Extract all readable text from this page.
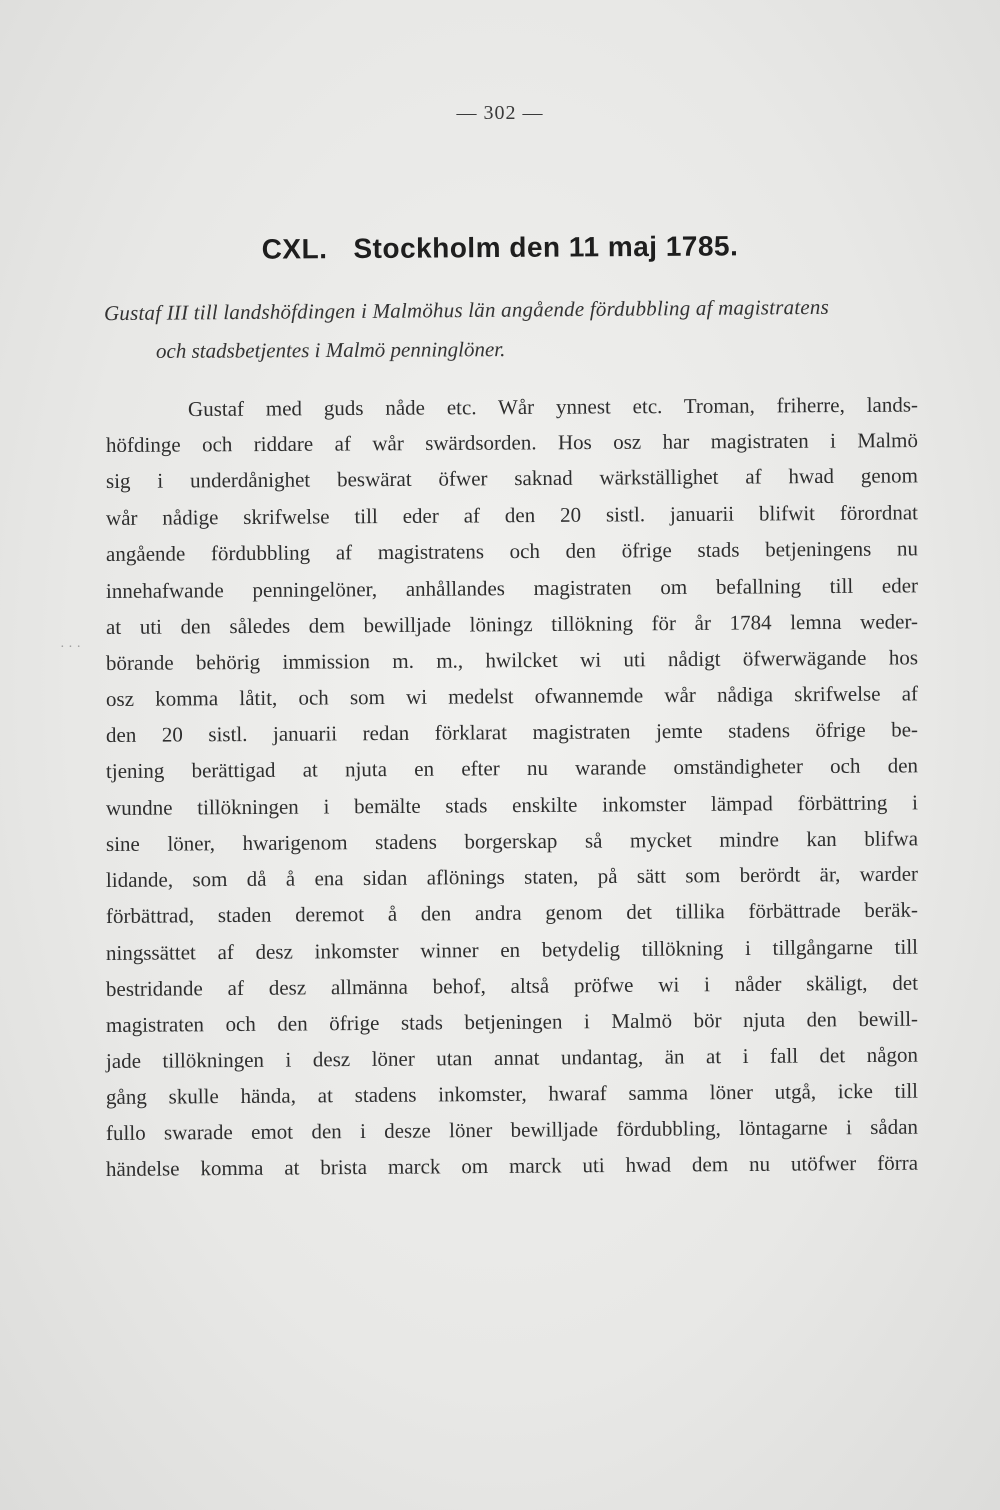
— 302 —
CXL. Stockholm den 11 maj 1785.
Gustaf III till landshöfdingen i Malmöhus län angående fördubbling af magistratens
och stadsbetjentes i Malmö penninglöner.
Gustaf med guds nåde etc. Wår ynnest etc. Troman, friherre, lands-
höfdinge och riddare af wår swärdsorden. Hos osz har magistraten i Malmö
sig i underdånighet beswärat öfwer saknad wärkställighet af hwad genom
wår nådige skrifwelse till eder af den 20 sistl. januarii blifwit förordnat
angående fördubbling af magistratens och den öfrige stads betjeningens nu
innehafwande penningelöner, anhållandes magistraten om befallning till eder
at uti den således dem bewilljade löningz tillökning för år 1784 lemna weder-
börande behörig immission m. m., hwilcket wi uti nådigt öfwerwägande hos
osz komma låtit, och som wi medelst ofwannemde wår nådiga skrifwelse af
den 20 sistl. januarii redan förklarat magistraten jemte stadens öfrige be-
tjening berättigad at njuta en efter nu warande omständigheter och den
wundne tillökningen i bemälte stads enskilte inkomster lämpad förbättring i
sine löner, hwarigenom stadens borgerskap så mycket mindre kan blifwa
lidande, som då å ena sidan aflönings staten, på sätt som berördt är, warder
förbättrad, staden deremot å den andra genom det tillika förbättrade beräk-
ningssättet af desz inkomster winner en betydelig tillökning i tillgångarne till
bestridande af desz allmänna behof, altså pröfwe wi i nåder skäligt, det
magistraten och den öfrige stads betjeningen i Malmö bör njuta den bewill-
jade tillökningen i desz löner utan annat undantag, än at i fall det någon
gång skulle hända, at stadens inkomster, hwaraf samma löner utgå, icke till
fullo swarade emot den i desze löner bewilljade fördubbling, löntagarne i sådan
händelse komma at brista marck om marck uti hwad dem nu utöfwer förra
· · ·
